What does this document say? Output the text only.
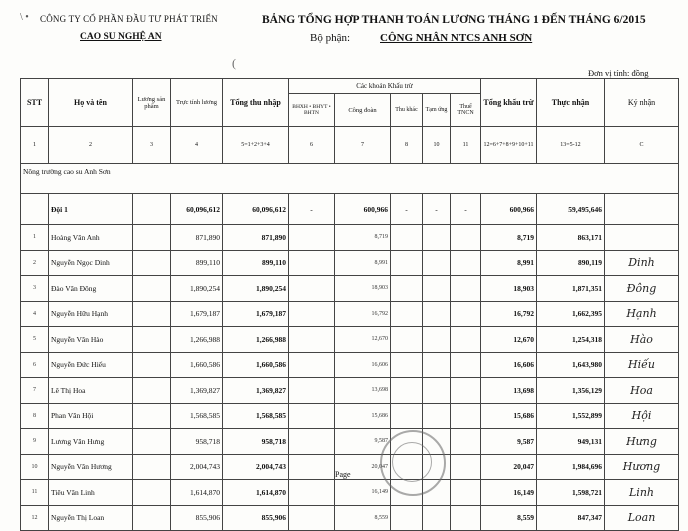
\ • CÔNG TY CỔ PHẦN ĐẦU TƯ PHÁT TRIỂN
CAO SU NGHỆ AN
BẢNG TỔNG HỢP THANH TOÁN LƯƠNG THÁNG 1 ĐẾN THÁNG 6/2015
Bộ phận:	CÔNG NHÂN NTCS ANH SƠN
(
Đơn vị tính: đồng
STT	Họ và tên	Lương sản phẩm	Trực tính lương	Tổng thu nhập	Các khoản Khấu trừ					Tổng khấu trừ	Thực nhận	Ký nhận
					BHXH • BHYT • BHTN	Công đoàn	Thu khác	Tạm ứng	Thuế TNCN			
1	2	3	4	5=1+2+3+4	6	7	8	10	11	12=6+7+8+9+10+11	13=5-12	C
Nông trường cao su Anh Sơn												
	Đội 1		60,096,612	60,096,612	-	600,966	-	-	-	600,966	59,495,646	
1	Hoàng Văn Anh		871,890	871,890		8,719				8,719	863,171	
2	Nguyễn Ngọc Dinh		899,110	899,110		8,991				8,991	890,119	Dinh
3	Đào Văn Đông		1,890,254	1,890,254		18,903				18,903	1,871,351	Đông
4	Nguyễn Hữu Hạnh		1,679,187	1,679,187		16,792				16,792	1,662,395	Hạnh
5	Nguyễn Văn Hào		1,266,988	1,266,988		12,670				12,670	1,254,318	Hào
6	Nguyễn Đức Hiếu		1,660,586	1,660,586		16,606				16,606	1,643,980	Hiếu
7	Lê Thị Hoa		1,369,827	1,369,827		13,698				13,698	1,356,129	Hoa
8	Phan Văn Hội		1,568,585	1,568,585		15,686				15,686	1,552,899	Hội
9	Lương Văn Hưng		958,718	958,718		9,587				9,587	949,131	Hưng
10	Nguyễn Văn Hương		2,004,743	2,004,743		20,047				20,047	1,984,696	Hương
11	Tiêu Văn Linh		1,614,870	1,614,870		16,149				16,149	1,598,721	Linh
12	Nguyễn Thị Loan		855,906	855,906		8,559				8,559	847,347	Loan
Page
